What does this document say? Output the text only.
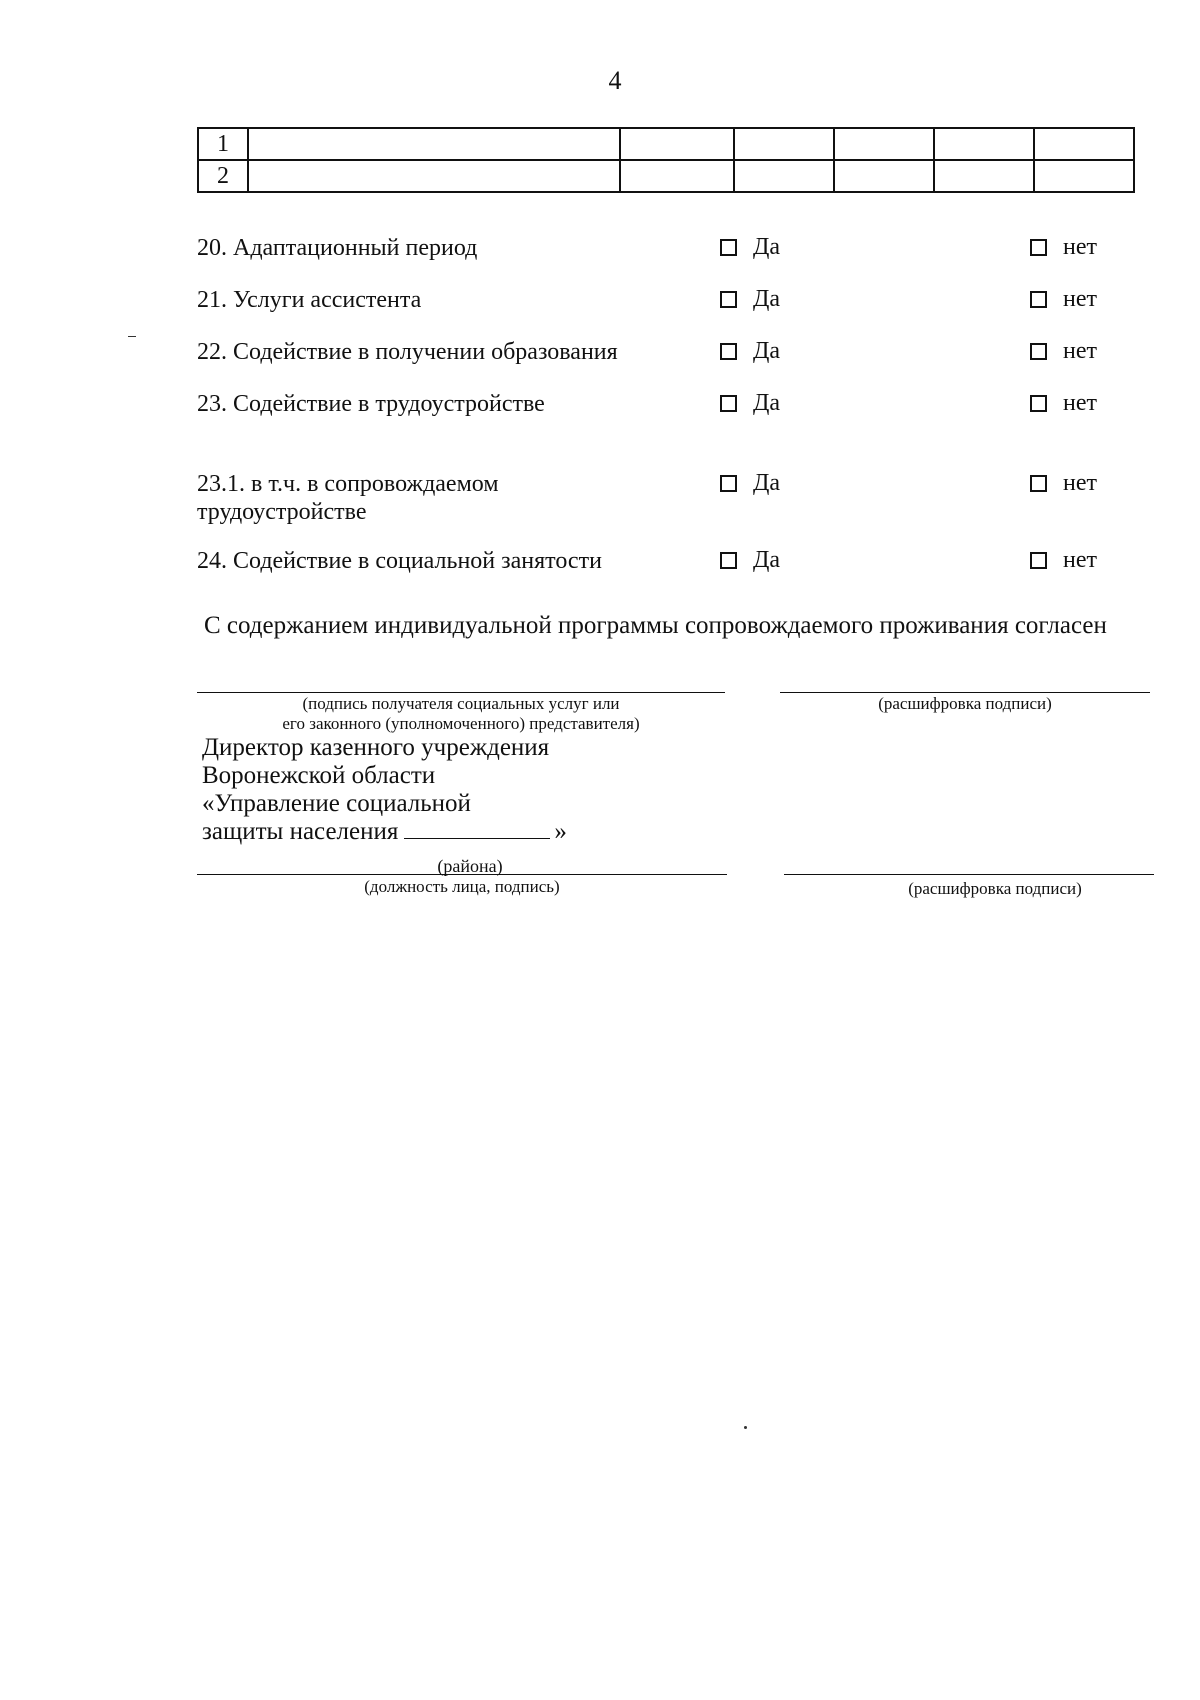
4
1						
2						
20. Адаптационный период	Да	нет
21. Услуги ассистента	Да	нет
22. Содействие в получении образования	Да	нет
23. Содействие в трудоустройстве	Да	нет
23.1. в т.ч. в сопровождаемом
трудоустройстве
Да	нет
24. Содействие в социальной занятости	Да	нет
С содержанием индивидуальной программы сопровождаемого проживания согласен
(подпись получателя социальных услуг или
его законного (уполномоченного) представителя)
(расшифровка подписи)
Директор казенного учреждения
Воронежской области
«Управление социальной
защиты населения	»
(района)
(должность лица, подпись)	(расшифровка подписи)
